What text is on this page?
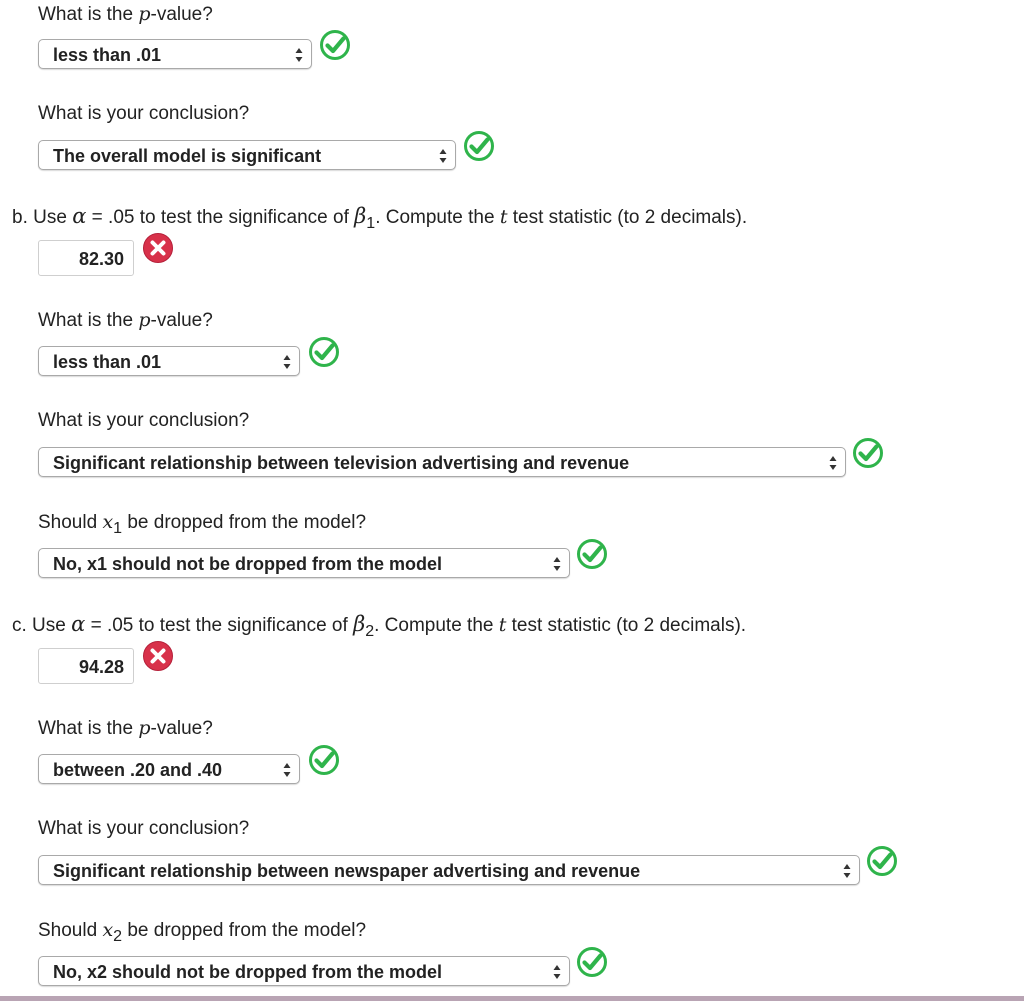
What is the p-value?
less than .01
What is your conclusion?
The overall model is significant
b. Use α = .05 to test the significance of $\beta_1$. Compute the t test statistic (to 2 decimals).
82.30
What is the p-value?
less than .01
What is your conclusion?
Significant relationship between television advertising and revenue
Should $x_1$ be dropped from the model?
No, x1 should not be dropped from the model
c. Use α = .05 to test the significance of $\beta_2$. Compute the t test statistic (to 2 decimals).
94.28
What is the p-value?
between .20 and .40
What is your conclusion?
Significant relationship between newspaper advertising and revenue
Should $x_2$ be dropped from the model?
No, x2 should not be dropped from the model
